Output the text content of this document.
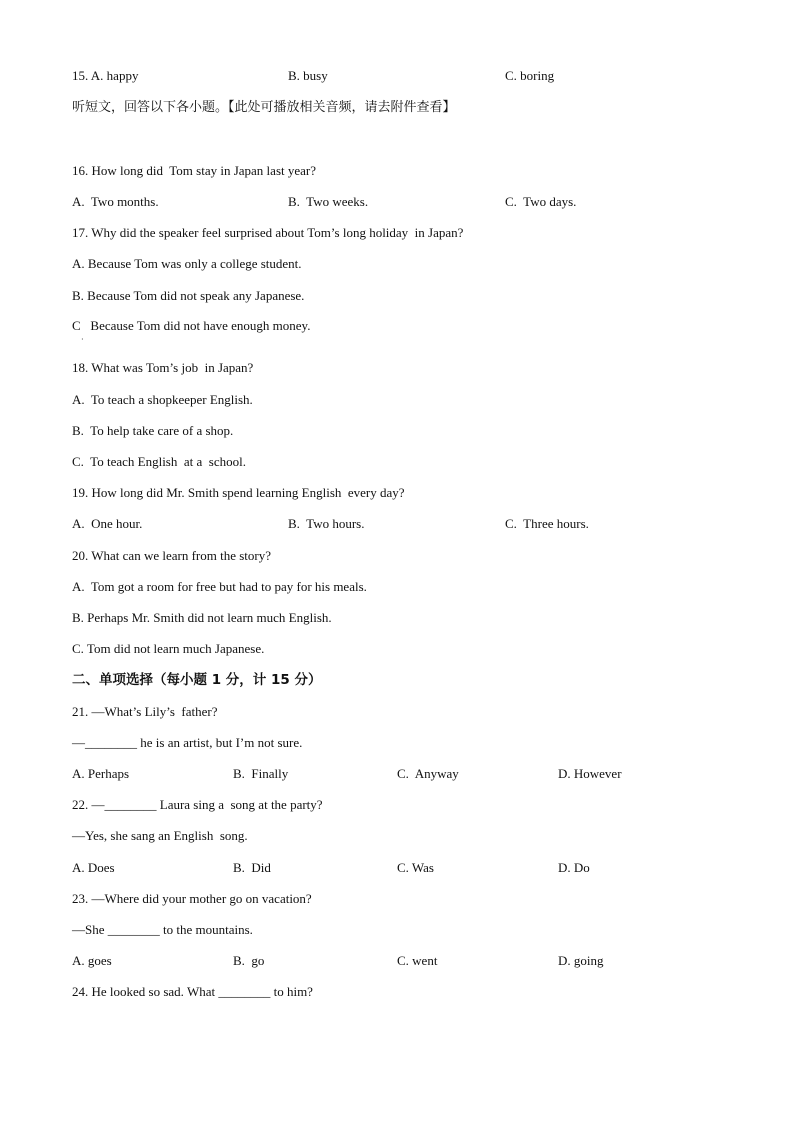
15. A. happy	B. busy	C. boring
听短文，回答以下各小题。【此处可播放相关音频，请去附件查看】
16. How long did  Tom stay in Japan last year?
A.  Two months.	B.  Two weeks.	C.  Two days.
17. Why did the speaker feel surprised about Tom’s long holiday  in Japan?
A. Because Tom was only a college student.
B. Because Tom did not speak any Japanese.
C   Because Tom did not have enough money.
·
18. What was Tom’s job  in Japan?
A.  To teach a shopkeeper English.
B.  To help take care of a shop.
C.  To teach English  at a  school.
19. How long did Mr. Smith spend learning English  every day?
A.  One hour.	B.  Two hours.	C.  Three hours.
20. What can we learn from the story?
A.  Tom got a room for free but had to pay for his meals.
B. Perhaps Mr. Smith did not learn much English.
C. Tom did not learn much Japanese.
二、单项选择（每小题 1 分，计 15 分）
21. —What’s Lily’s  father?
—________ he is an artist, but I’m not sure.
A. Perhaps	B.  Finally	C.  Anyway	D. However
22. —________ Laura sing a  song at the party?
—Yes, she sang an English  song.
A. Does	B.  Did	C. Was	D. Do
23. —Where did your mother go on vacation?
—She ________ to the mountains.
A. goes	B.  go	C. went	D. going
24. He looked so sad. What ________ to him?
